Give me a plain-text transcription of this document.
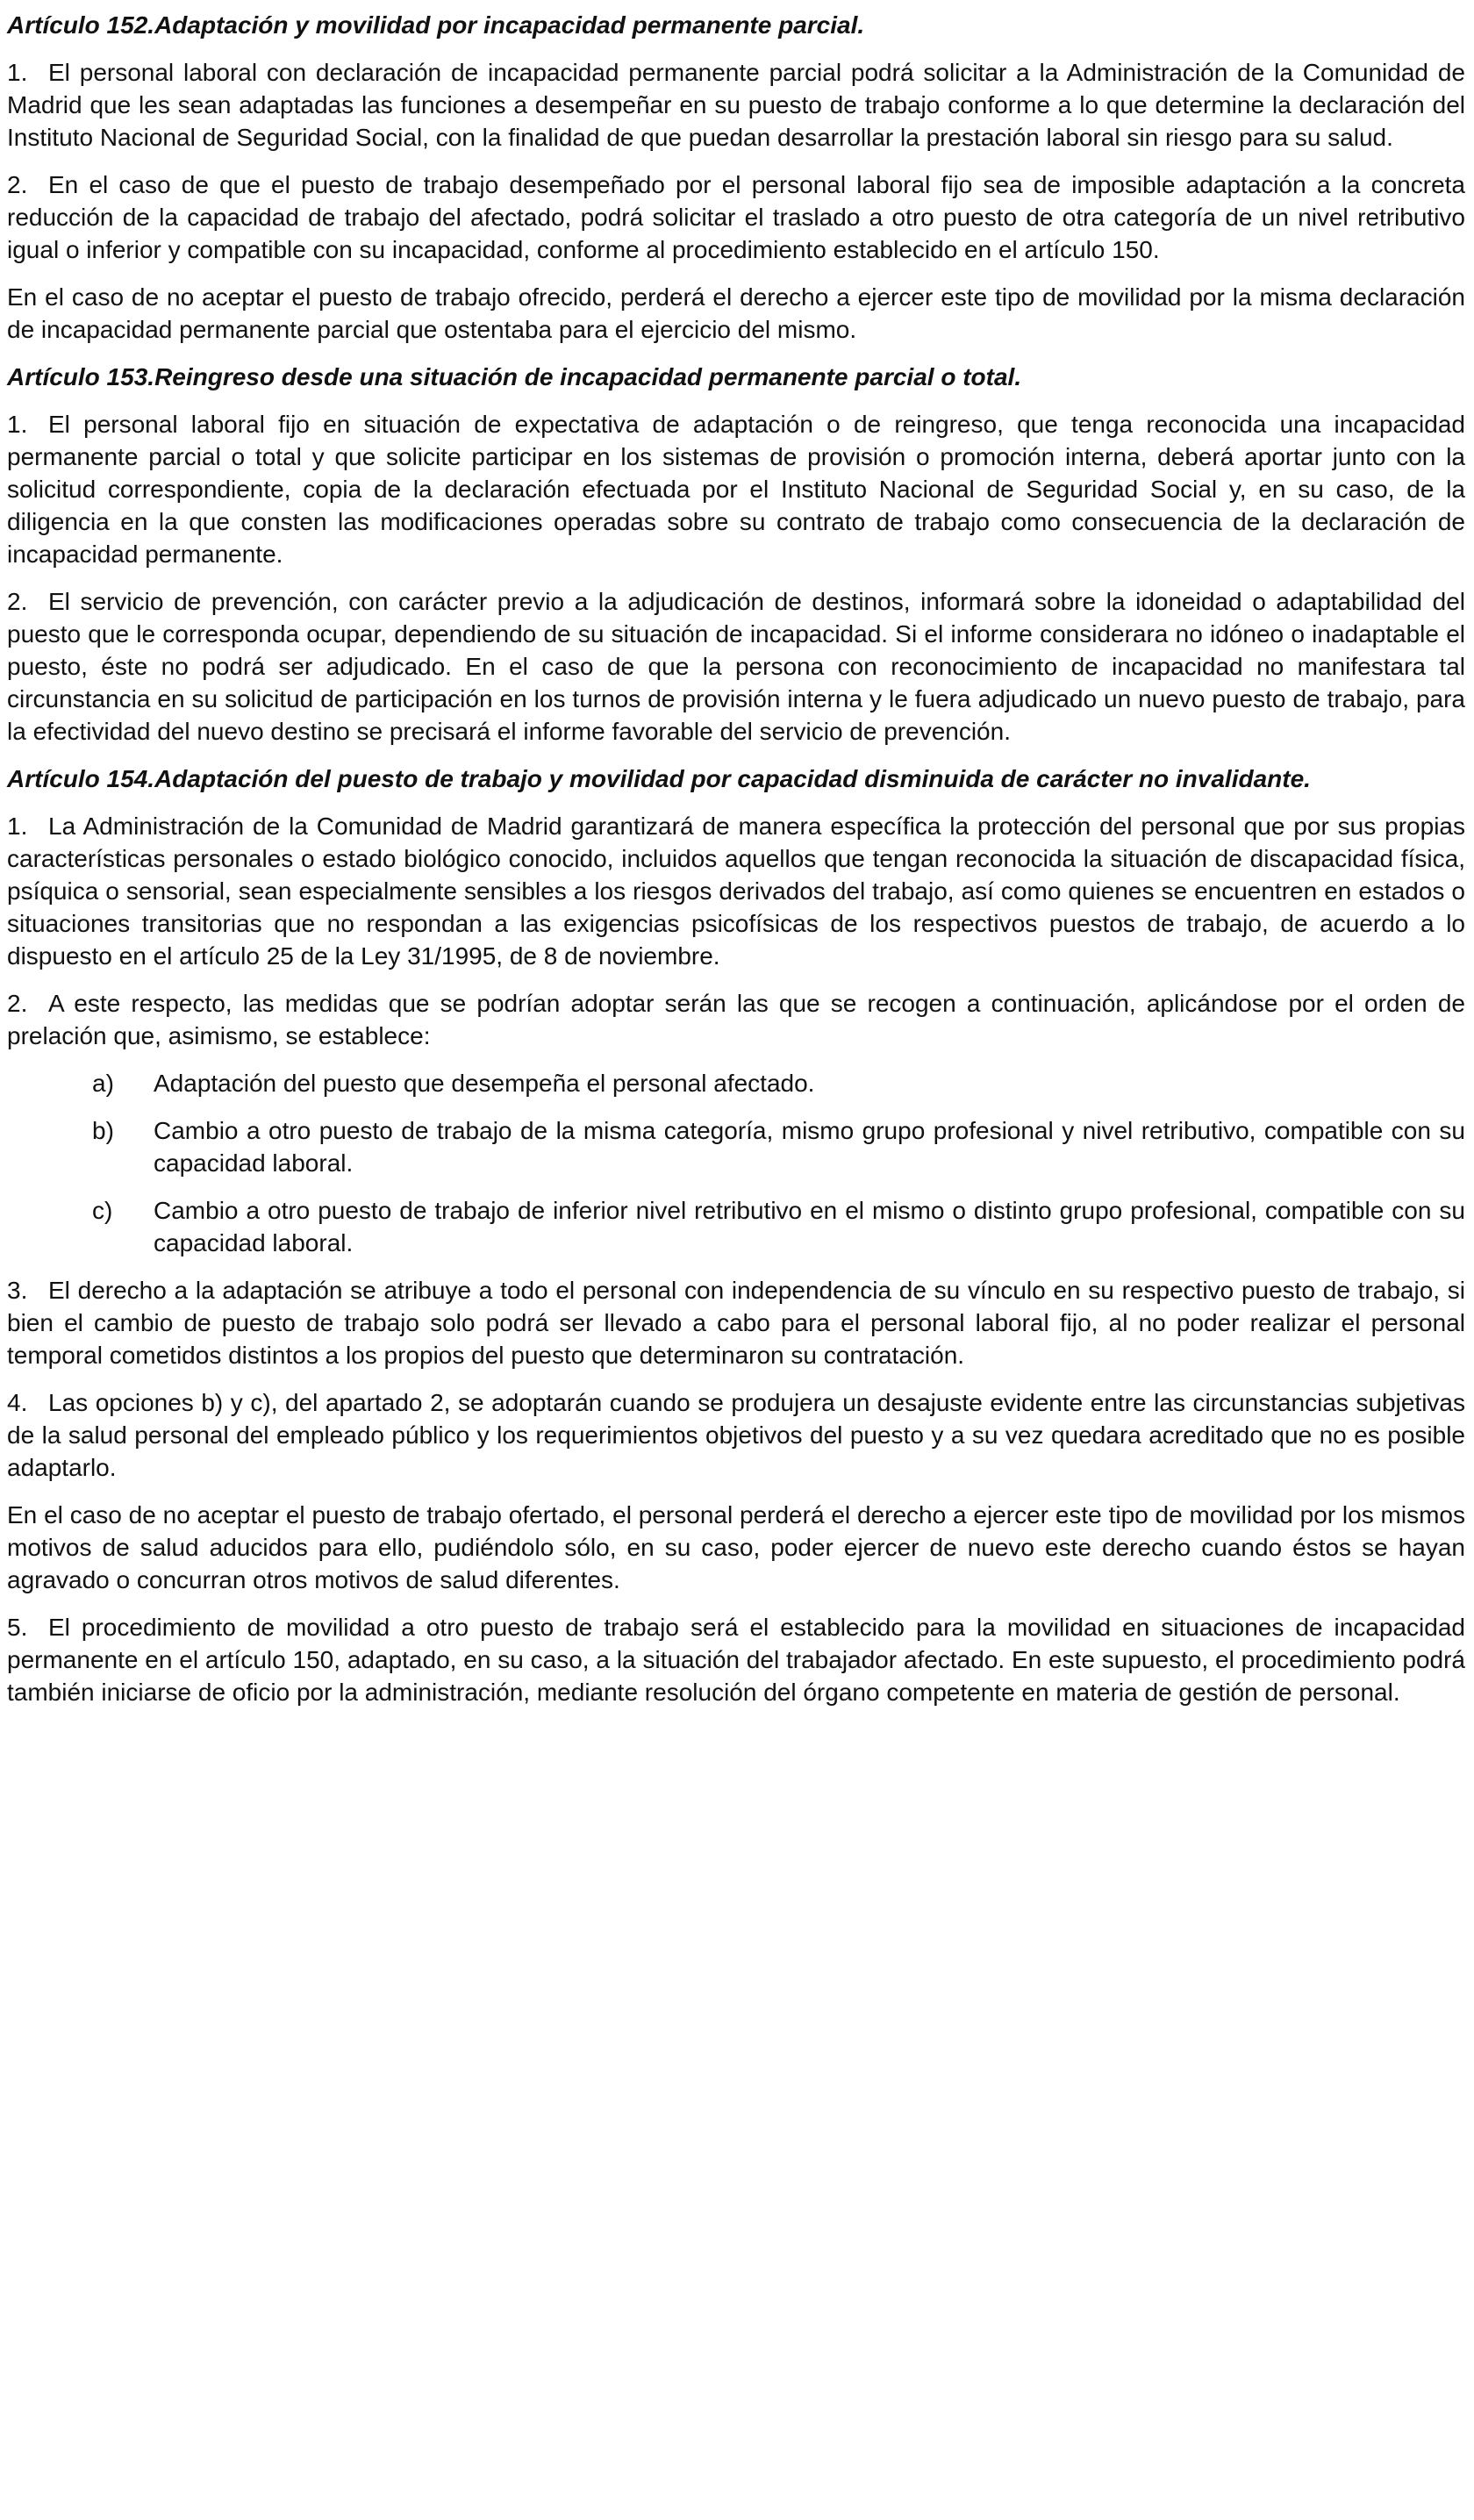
Artículo 152.Adaptación y movilidad por incapacidad permanente parcial.

1. El personal laboral con declaración de incapacidad permanente parcial podrá solicitar a la Administración de la Comunidad de Madrid que les sean adaptadas las funciones a desempeñar en su puesto de trabajo conforme a lo que determine la declaración del Instituto Nacional de Seguridad Social, con la finalidad de que puedan desarrollar la prestación laboral sin riesgo para su salud.

2. En el caso de que el puesto de trabajo desempeñado por el personal laboral fijo sea de imposible adaptación a la concreta reducción de la capacidad de trabajo del afectado, podrá solicitar el traslado a otro puesto de otra categoría de un nivel retributivo igual o inferior y compatible con su incapacidad, conforme al procedimiento establecido en el artículo 150.

En el caso de no aceptar el puesto de trabajo ofrecido, perderá el derecho a ejercer este tipo de movilidad por la misma declaración de incapacidad permanente parcial que ostentaba para el ejercicio del mismo.

Artículo 153.Reingreso desde una situación de incapacidad permanente parcial o total.

1. El personal laboral fijo en situación de expectativa de adaptación o de reingreso, que tenga reconocida una incapacidad permanente parcial o total y que solicite participar en los sistemas de provisión o promoción interna, deberá aportar junto con la solicitud correspondiente, copia de la declaración efectuada por el Instituto Nacional de Seguridad Social y, en su caso, de la diligencia en la que consten las modificaciones operadas sobre su contrato de trabajo como consecuencia de la declaración de incapacidad permanente.

2. El servicio de prevención, con carácter previo a la adjudicación de destinos, informará sobre la idoneidad o adaptabilidad del puesto que le corresponda ocupar, dependiendo de su situación de incapacidad. Si el informe considerara no idóneo o inadaptable el puesto, éste no podrá ser adjudicado. En el caso de que la persona con reconocimiento de incapacidad no manifestara tal circunstancia en su solicitud de participación en los turnos de provisión interna y le fuera adjudicado un nuevo puesto de trabajo, para la efectividad del nuevo destino se precisará el informe favorable del servicio de prevención.

Artículo 154.Adaptación del puesto de trabajo y movilidad por capacidad disminuida de carácter no invalidante.

1. La Administración de la Comunidad de Madrid garantizará de manera específica la protección del personal que por sus propias características personales o estado biológico conocido, incluidos aquellos que tengan reconocida la situación de discapacidad física, psíquica o sensorial, sean especialmente sensibles a los riesgos derivados del trabajo, así como quienes se encuentren en estados o situaciones transitorias que no respondan a las exigencias psicofísicas de los respectivos puestos de trabajo, de acuerdo a lo dispuesto en el artículo 25 de la Ley 31/1995, de 8 de noviembre.

2. A este respecto, las medidas que se podrían adoptar serán las que se recogen a continuación, aplicándose por el orden de prelación que, asimismo, se establece:

a) Adaptación del puesto que desempeña el personal afectado.

b) Cambio a otro puesto de trabajo de la misma categoría, mismo grupo profesional y nivel retributivo, compatible con su capacidad laboral.

c) Cambio a otro puesto de trabajo de inferior nivel retributivo en el mismo o distinto grupo profesional, compatible con su capacidad laboral.

3. El derecho a la adaptación se atribuye a todo el personal con independencia de su vínculo en su respectivo puesto de trabajo, si bien el cambio de puesto de trabajo solo podrá ser llevado a cabo para el personal laboral fijo, al no poder realizar el personal temporal cometidos distintos a los propios del puesto que determinaron su contratación.

4. Las opciones b) y c), del apartado 2, se adoptarán cuando se produjera un desajuste evidente entre las circunstancias subjetivas de la salud personal del empleado público y los requerimientos objetivos del puesto y a su vez quedara acreditado que no es posible adaptarlo.

En el caso de no aceptar el puesto de trabajo ofertado, el personal perderá el derecho a ejercer este tipo de movilidad por los mismos motivos de salud aducidos para ello, pudiéndolo sólo, en su caso, poder ejercer de nuevo este derecho cuando éstos se hayan agravado o concurran otros motivos de salud diferentes.

5. El procedimiento de movilidad a otro puesto de trabajo será el establecido para la movilidad en situaciones de incapacidad permanente en el artículo 150, adaptado, en su caso, a la situación del trabajador afectado. En este supuesto, el procedimiento podrá también iniciarse de oficio por la administración, mediante resolución del órgano competente en materia de gestión de personal.
